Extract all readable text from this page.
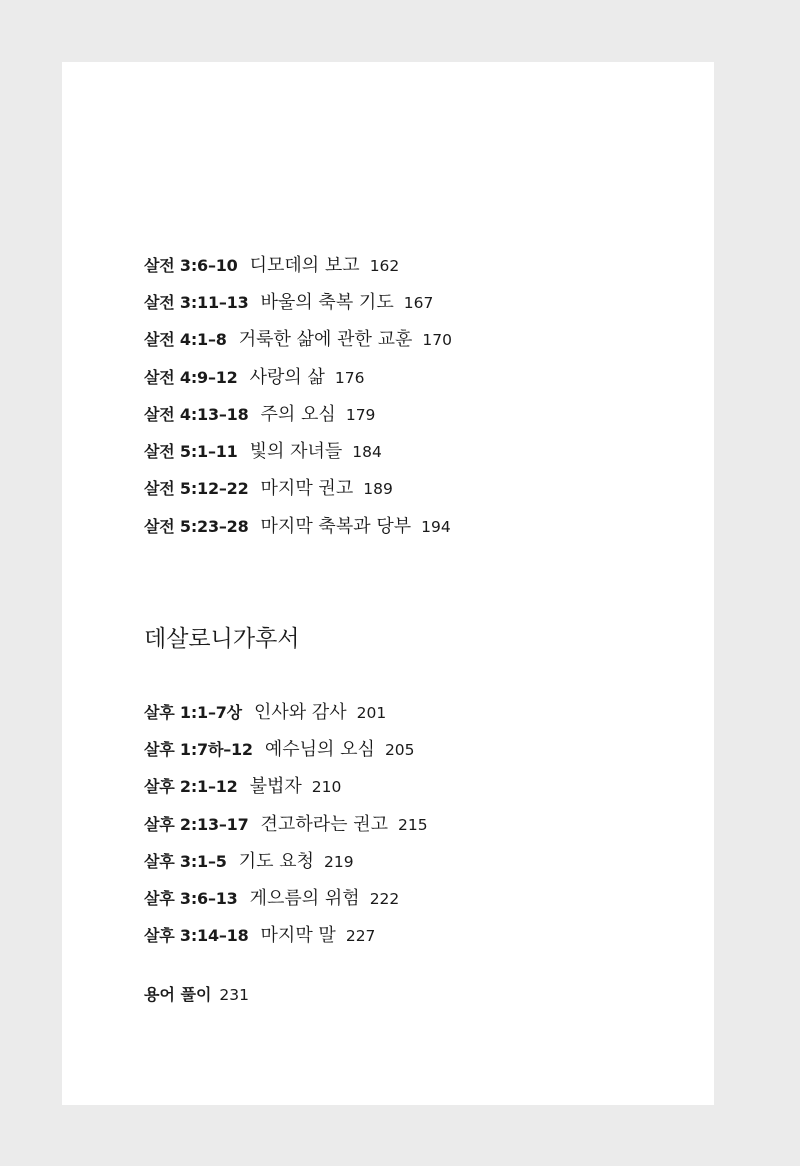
살전 3:6–10 디모데의 보고 162
살전 3:11–13 바울의 축복 기도 167
살전 4:1–8 거룩한 삶에 관한 교훈 170
살전 4:9–12 사랑의 삶 176
살전 4:13–18 주의 오심 179
살전 5:1–11 빛의 자녀들 184
살전 5:12–22 마지막 권고 189
살전 5:23–28 마지막 축복과 당부 194
데살로니가후서
살후 1:1–7상 인사와 감사 201
살후 1:7하–12 예수님의 오심 205
살후 2:1–12 불법자 210
살후 2:13–17 견고하라는 권고 215
살후 3:1–5 기도 요청 219
살후 3:6–13 게으름의 위험 222
살후 3:14–18 마지막 말 227
용어 풀이 231
